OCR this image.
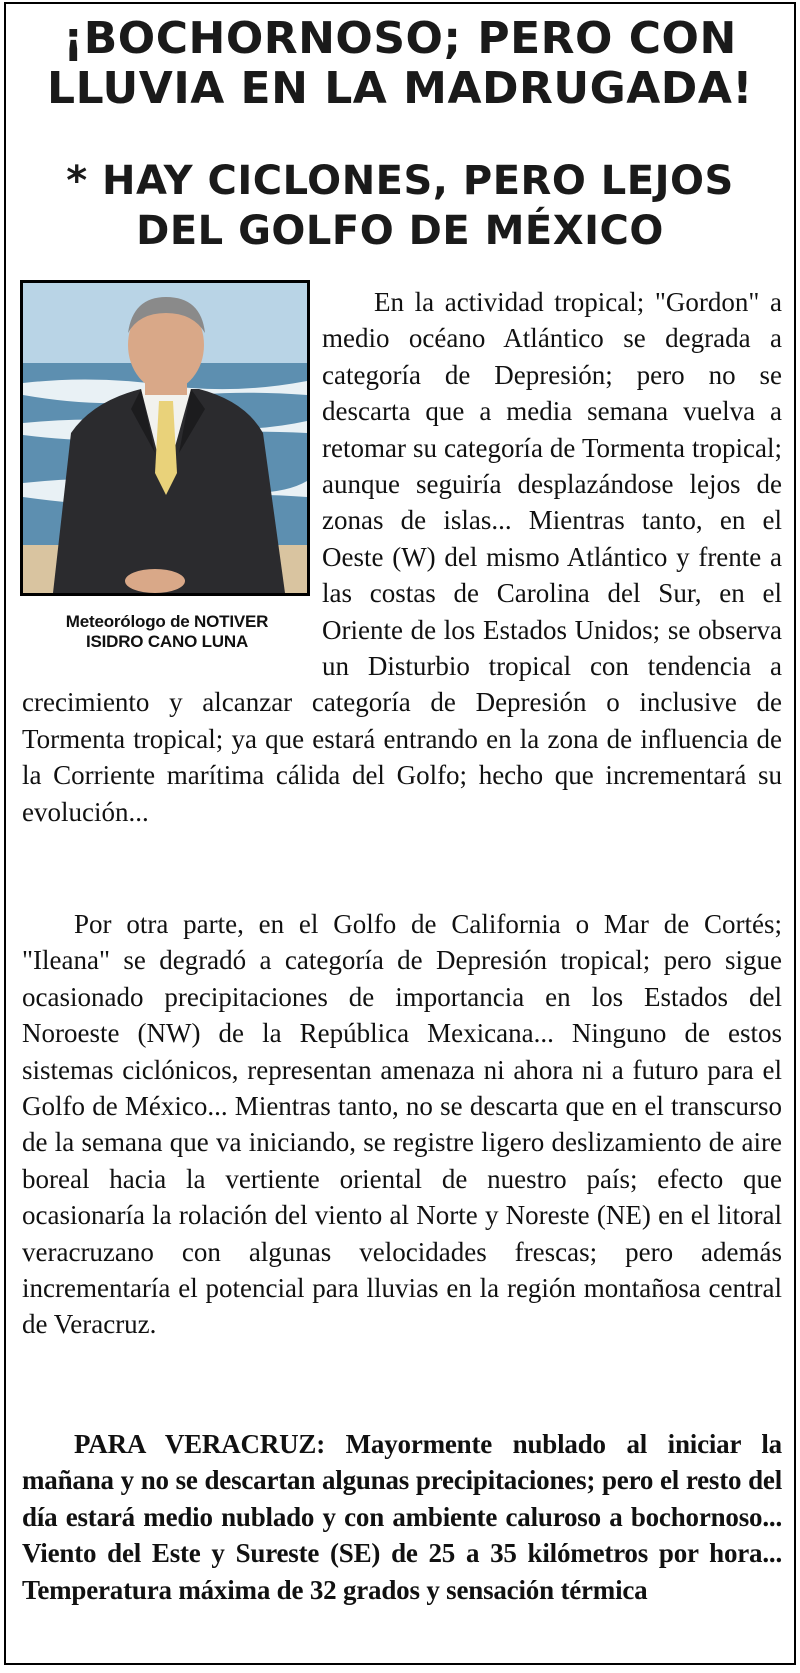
¡BOCHORNOSO; PERO CON
LLUVIA EN LA MADRUGADA!
* HAY CICLONES, PERO LEJOS
DEL GOLFO DE MÉXICO
Meteorólogo de NOTIVER
ISIDRO CANO LUNA

En la actividad tropical; "Gordon" a medio océano Atlántico se degrada a categoría de Depresión; pero no se descarta que a media semana vuelva a retomar su categoría de Tormenta tropical; aunque seguiría desplazándose lejos de zonas de islas... Mientras tanto, en el Oeste (W) del mismo Atlántico y frente a las costas de Carolina del Sur, en el Oriente de los Estados Unidos; se observa un Disturbio tropical con tendencia a crecimiento y alcanzar categoría de Depresión o inclusive de Tormenta tropical; ya que estará entrando en la zona de influencia de la Corriente marítima cálida del Golfo; hecho que incrementará su evolución...

Por otra parte, en el Golfo de California o Mar de Cortés; "Ileana" se degradó a categoría de Depresión tropical; pero sigue ocasionado precipitaciones de importancia en los Estados del Noroeste (NW) de la República Mexicana... Ninguno de estos sistemas ciclónicos, representan amenaza ni ahora ni a futuro para el Golfo de México... Mientras tanto, no se descarta que en el transcurso de la semana que va iniciando, se registre ligero deslizamiento de aire boreal hacia la vertiente oriental de nuestro país; efecto que ocasionaría la rolación del viento al Norte y Noreste (NE) en el litoral veracruzano con algunas velocidades frescas; pero además incrementaría el potencial para lluvias en la región montañosa central de Veracruz.

PARA VERACRUZ: Mayormente nublado al iniciar la mañana y no se descartan algunas precipitaciones; pero el resto del día estará medio nublado y con ambiente caluroso a bochornoso... Viento del Este y Sureste (SE) de 25 a 35 kilómetros por hora... Temperatura máxima de 32 grados y sensación térmica
